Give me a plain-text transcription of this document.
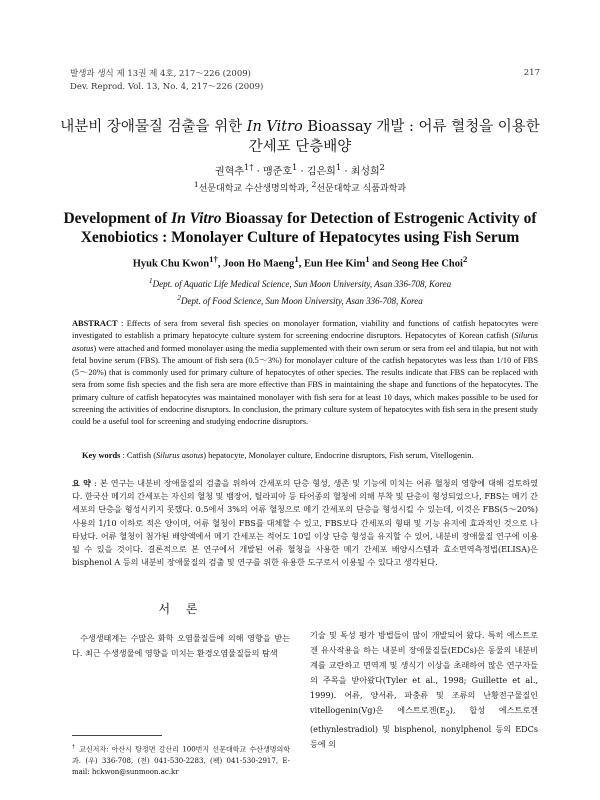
발생과 생식 제 13권 제 4호, 217～226 (2009)
Dev. Reprod. Vol. 13, No. 4, 217～226 (2009)
217
내분비 장애물질 검출을 위한 In Vitro Bioassay 개발 : 어류 혈청을 이용한
간세포 단층배양
권혁추$^{1\dagger}$ · 맹준호$^1$ · 김은희$^1$ · 최성희$^2$
$^1$선문대학교 수산생명의학과, $^2$선문대학교 식품과학과
Development of In Vitro Bioassay for Detection of Estrogenic Activity of
Xenobiotics : Monolayer Culture of Hepatocytes using Fish Serum
Hyuk Chu Kwon$^{1\dagger}$, Joon Ho Maeng$^1$, Eun Hee Kim$^1$ and Seong Hee Choi$^2$
$^1$Dept. of Aquatic Life Medical Science, Sun Moon University, Asan 336-708, Korea
$^2$Dept. of Food Science, Sun Moon University, Asan 336-708, Korea
ABSTRACT : Effects of sera from several fish species on monolayer formation, viability and functions of catfish hepatocytes were investigated to establish a primary hepatocyte culture system for screening endocrine disruptors. Hepatocytes of Korean catfish (Silurus asotus) were attached and formed monolayer using the media supplemented with their own serum or sera from eel and tilapia, but not with fetal bovine serum (FBS). The amount of fish sera (0.5～3%) for monolayer culture of the catfish hepatocytes was less than 1/10 of FBS (5～20%) that is commonly used for primary culture of hepatocytes of other species. The results indicate that FBS can be replaced with sera from some fish species and the fish sera are more effective than FBS in maintaining the shape and functions of the hepatocytes. The primary culture of catfish hepatocytes was maintained monolayer with fish sera for at least 10 days, which makes possible to be used for screening the activities of endocrine disruptors. In conclusion, the primary culture system of hepatocytes with fish sera in the present study could be a useful tool for screening and studying endocrine disruptors.
Key words : Catfish (Silurus asotus) hepatocyte, Monolayer culture, Endocrine disruptors, Fish serum, Vitellogenin.
요 약 : 본 연구는 내분비 장애물질의 검출을 위하여 간세포의 단층 형성, 생존 및 기능에 미치는 어류 혈청의 영향에 대해 검토하였다. 한국산 메기의 간세포는 자신의 혈청 및 뱀장어, 틸라피아 등 타어종의 혈청에 의해 부착 및 단층이 형성되었으나, FBS는 메기 간세포의 단층을 형성시키지 못했다. 0.5에서 3%의 어류 혈청으로 메기 간세포의 단층을 형성시킬 수 있는데, 이것은 FBS(5～20%) 사용의 1/10 이하로 적은 양이며, 어류 혈청이 FBS를 대체할 수 있고, FBS보다 간세포의 형태 및 기능 유지에 효과적인 것으로 나타났다. 어류 혈청이 첨가된 배양액에서 메기 간세포는 적어도 10일 이상 단층 형성을 유지할 수 있어, 내분비 장애물질 연구에 이용될 수 있을 것이다. 결론적으로 본 연구에서 개발된 어류 혈청을 사용한 메기 간세포 배양시스템과 효소면역측정법(ELISA)은 bisphenol A 등의 내분비 장애물질의 검출 및 연구를 위한 유용한 도구로서 이용될 수 있다고 생각된다.
서 론
수생생태계는 수많은 화학 오염물질들에 의해 영향을 받는다. 최근 수생생물에 영향을 미치는 환경오염물질들의 탐색
기술 및 독성 평가 방법들이 많이 개발되어 왔다. 특히 에스트로겐 유사작용을 하는 내분비 장애물질들(EDCs)은 동물의 내분비계를 교란하고 면역계 및 생식기 이상을 초래하여 많은 연구자들의 주목을 받아왔다(Tyler et al., 1998; Guillette et al., 1999). 어류, 양서류, 파충류 및 조류의 난황전구물질인 vitellogenin(Vg)은 에스트로겐$(E_2)$, 합성 에스트로겐(ethynlestradiol) 및 bisphenol, nonylphenol 등의 EDCs 등에 의
† 교신저자: 아산시 탕정면 갈산리 100번지 선문대학교 수산생명의학과. (우) 336-708, (전) 041-530-2283, (팩) 041-530-2917, E-mail: hckwon@sunmoon.ac.kr
